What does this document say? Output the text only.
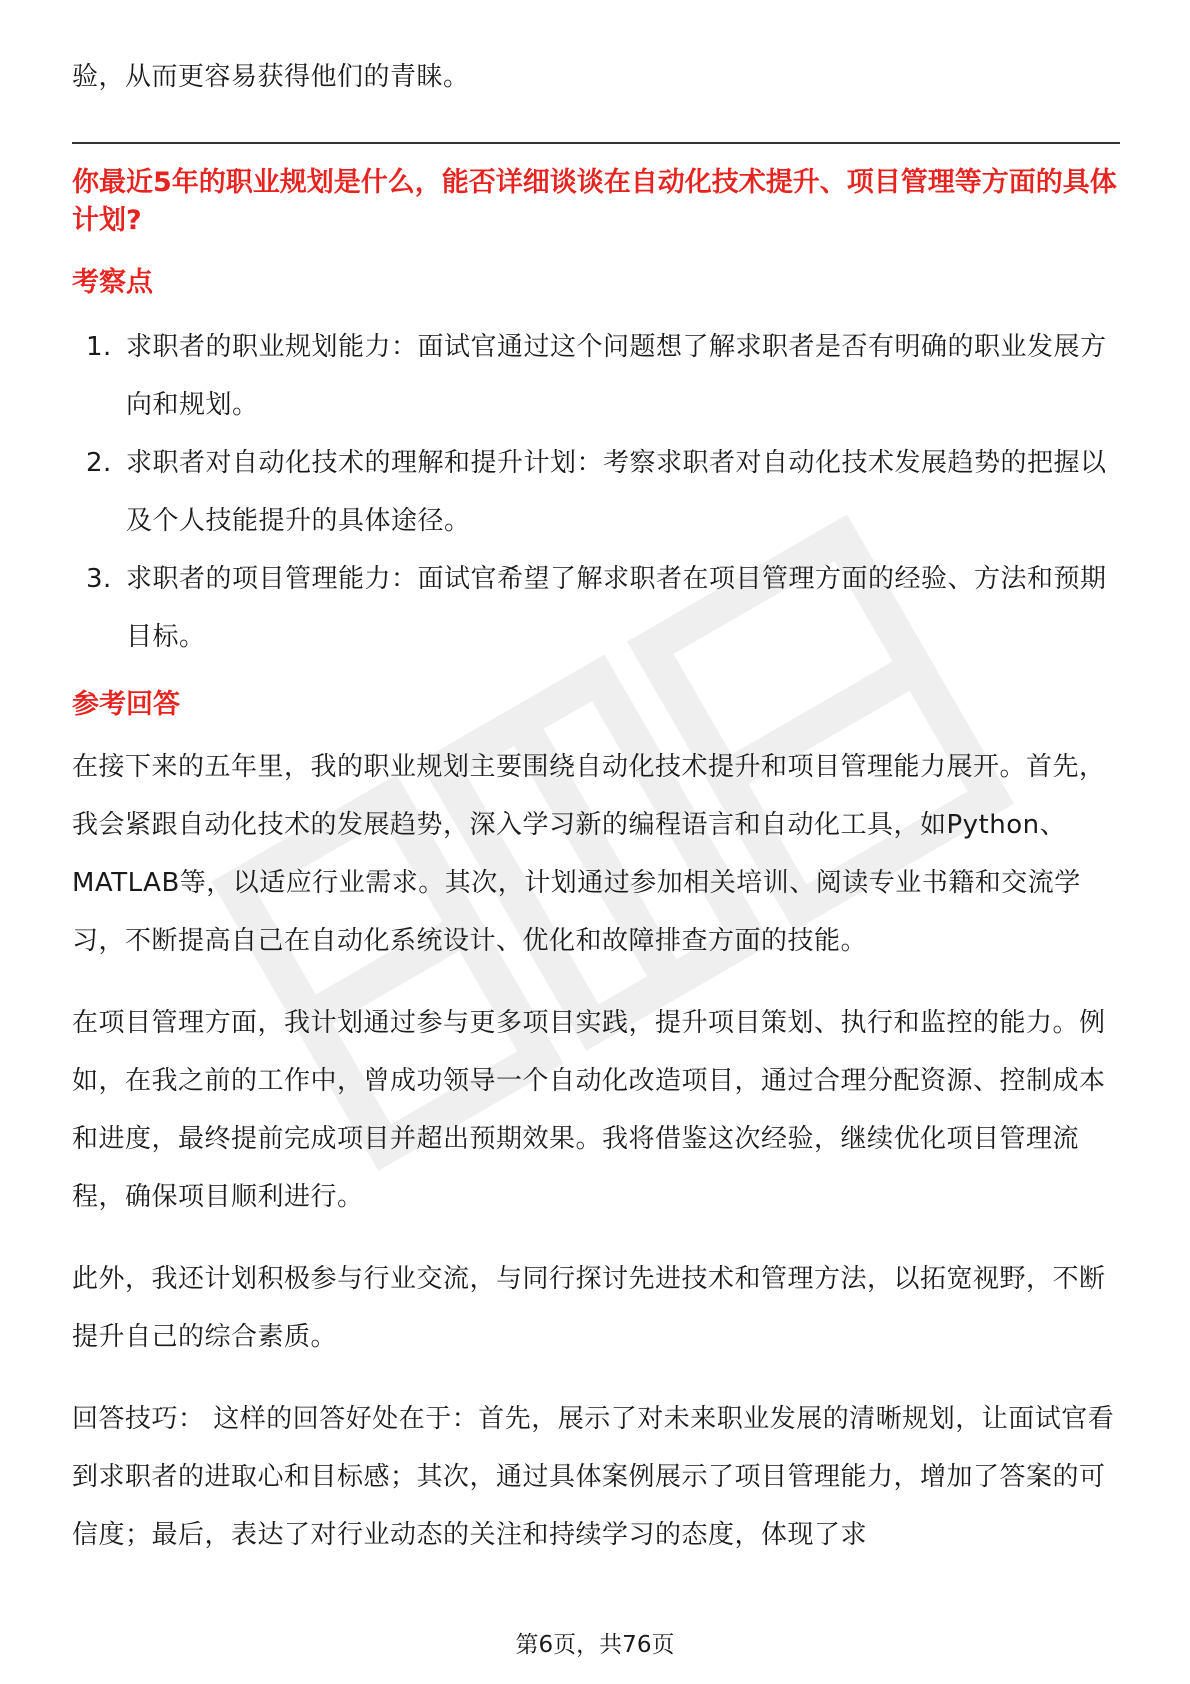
验，从而更容易获得他们的青睐。

你最近5年的职业规划是什么，能否详细谈谈在自动化技术提升、项目管理等方面的具体计划?

考察点

1. 求职者的职业规划能力：面试官通过这个问题想了解求职者是否有明确的职业发展方向和规划。
2. 求职者对自动化技术的理解和提升计划：考察求职者对自动化技术发展趋势的把握以及个人技能提升的具体途径。
3. 求职者的项目管理能力：面试官希望了解求职者在项目管理方面的经验、方法和预期目标。

参考回答

在接下来的五年里，我的职业规划主要围绕自动化技术提升和项目管理能力展开。首先，我会紧跟自动化技术的发展趋势，深入学习新的编程语言和自动化工具，如Python、MATLAB等，以适应行业需求。其次，计划通过参加相关培训、阅读专业书籍和交流学习，不断提高自己在自动化系统设计、优化和故障排查方面的技能。

在项目管理方面，我计划通过参与更多项目实践，提升项目策划、执行和监控的能力。例如，在我之前的工作中，曾成功领导一个自动化改造项目，通过合理分配资源、控制成本和进度，最终提前完成项目并超出预期效果。我将借鉴这次经验，继续优化项目管理流程，确保项目顺利进行。

此外，我还计划积极参与行业交流，与同行探讨先进技术和管理方法，以拓宽视野，不断提升自己的综合素质。

回答技巧： 这样的回答好处在于：首先，展示了对未来职业发展的清晰规划，让面试官看到求职者的进取心和目标感；其次，通过具体案例展示了项目管理能力，增加了答案的可信度；最后，表达了对行业动态的关注和持续学习的态度，体现了求

第6页，共76页
